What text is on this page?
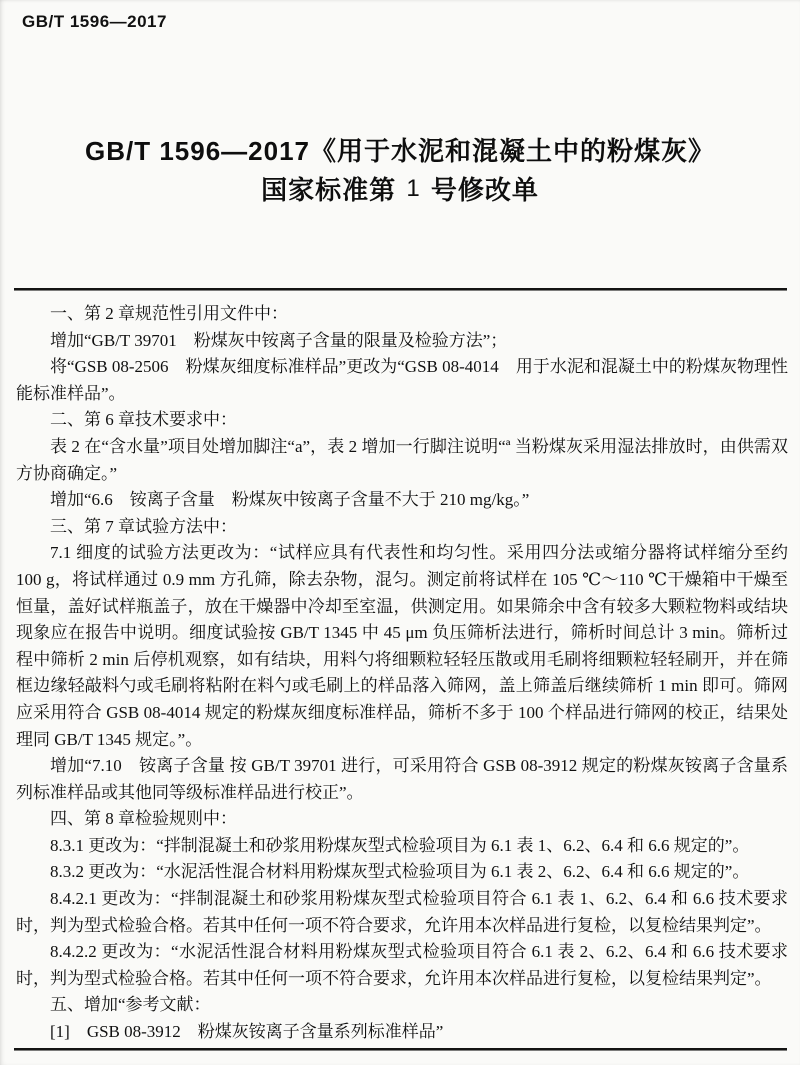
GB/T 1596—2017
GB/T 1596—2017《用于水泥和混凝土中的粉煤灰》
国家标准第 1 号修改单

一、第 2 章规范性引用文件中：

增加“GB/T 39701　粉煤灰中铵离子含量的限量及检验方法”；

将“GSB 08-2506　粉煤灰细度标准样品”更改为“GSB 08-4014　用于水泥和混凝土中的粉煤灰物理性能标准样品”。

二、第 6 章技术要求中：

表 2 在“含水量”项目处增加脚注“a”，表 2 增加一行脚注说明“ª 当粉煤灰采用湿法排放时，由供需双方协商确定。”

增加“6.6　铵离子含量　粉煤灰中铵离子含量不大于 210 mg/kg。”

三、第 7 章试验方法中：

7.1 细度的试验方法更改为：“试样应具有代表性和均匀性。采用四分法或缩分器将试样缩分至约 100 g，将试样通过 0.9 mm 方孔筛，除去杂物，混匀。测定前将试样在 105 ℃～110 ℃干燥箱中干燥至恒量，盖好试样瓶盖子，放在干燥器中冷却至室温，供测定用。如果筛余中含有较多大颗粒物料或结块现象应在报告中说明。细度试验按 GB/T 1345 中 45 μm 负压筛析法进行，筛析时间总计 3 min。筛析过程中筛析 2 min 后停机观察，如有结块，用料勺将细颗粒轻轻压散或用毛刷将细颗粒轻轻刷开，并在筛框边缘轻敲料勺或毛刷将粘附在料勺或毛刷上的样品落入筛网，盖上筛盖后继续筛析 1 min 即可。筛网应采用符合 GSB 08-4014 规定的粉煤灰细度标准样品，筛析不多于 100 个样品进行筛网的校正，结果处理同 GB/T 1345 规定。”。

增加“7.10　铵离子含量 按 GB/T 39701 进行，可采用符合 GSB 08-3912 规定的粉煤灰铵离子含量系列标准样品或其他同等级标准样品进行校正”。

四、第 8 章检验规则中：

8.3.1 更改为：“拌制混凝土和砂浆用粉煤灰型式检验项目为 6.1 表 1、6.2、6.4 和 6.6 规定的”。

8.3.2 更改为：“水泥活性混合材料用粉煤灰型式检验项目为 6.1 表 2、6.2、6.4 和 6.6 规定的”。

8.4.2.1 更改为：“拌制混凝土和砂浆用粉煤灰型式检验项目符合 6.1 表 1、6.2、6.4 和 6.6 技术要求时，判为型式检验合格。若其中任何一项不符合要求，允许用本次样品进行复检，以复检结果判定”。

8.4.2.2 更改为：“水泥活性混合材料用粉煤灰型式检验项目符合 6.1 表 2、6.2、6.4 和 6.6 技术要求时，判为型式检验合格。若其中任何一项不符合要求，允许用本次样品进行复检，以复检结果判定”。

五、增加“参考文献：

[1]　GSB 08-3912　粉煤灰铵离子含量系列标准样品”
